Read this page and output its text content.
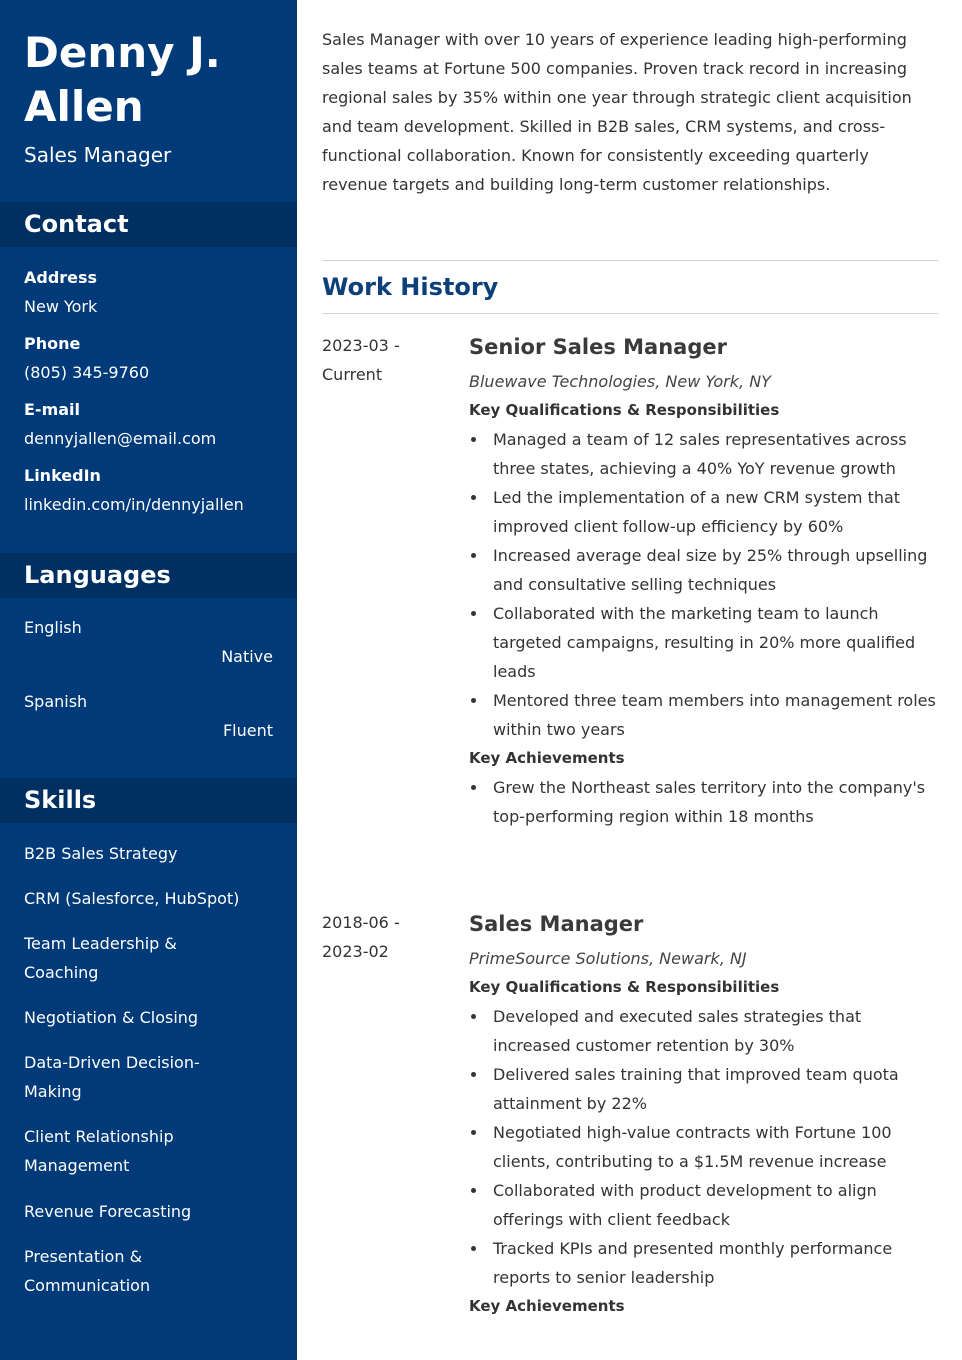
Denny J. Allen
Sales Manager
Contact
Address
New York
Phone
(805) 345-9760
E-mail
dennyjallen@email.com
LinkedIn
linkedin.com/in/dennyjallen
Languages
English
Native
Spanish
Fluent
Skills
B2B Sales Strategy
CRM (Salesforce, HubSpot)
Team Leadership & Coaching
Negotiation & Closing
Data-Driven Decision-Making
Client Relationship Management
Revenue Forecasting
Presentation & Communication

Sales Manager with over 10 years of experience leading high-performing sales teams at Fortune 500 companies. Proven track record in increasing regional sales by 35% within one year through strategic client acquisition and team development. Skilled in B2B sales, CRM systems, and cross-functional collaboration. Known for consistently exceeding quarterly revenue targets and building long-term customer relationships.

Work History
2023-03 -
Current
Senior Sales Manager
Bluewave Technologies, New York, NY
Key Qualifications & Responsibilities
Managed a team of 12 sales representatives across three states, achieving a 40% YoY revenue growth
Led the implementation of a new CRM system that improved client follow-up efficiency by 60%
Increased average deal size by 25% through upselling and consultative selling techniques
Collaborated with the marketing team to launch targeted campaigns, resulting in 20% more qualified leads
Mentored three team members into management roles within two years
Key Achievements
Grew the Northeast sales territory into the company's top-performing region within 18 months
2018-06 -
2023-02
Sales Manager
PrimeSource Solutions, Newark, NJ
Key Qualifications & Responsibilities
Developed and executed sales strategies that increased customer retention by 30%
Delivered sales training that improved team quota attainment by 22%
Negotiated high-value contracts with Fortune 100 clients, contributing to a $1.5M revenue increase
Collaborated with product development to align offerings with client feedback
Tracked KPIs and presented monthly performance reports to senior leadership
Key Achievements
